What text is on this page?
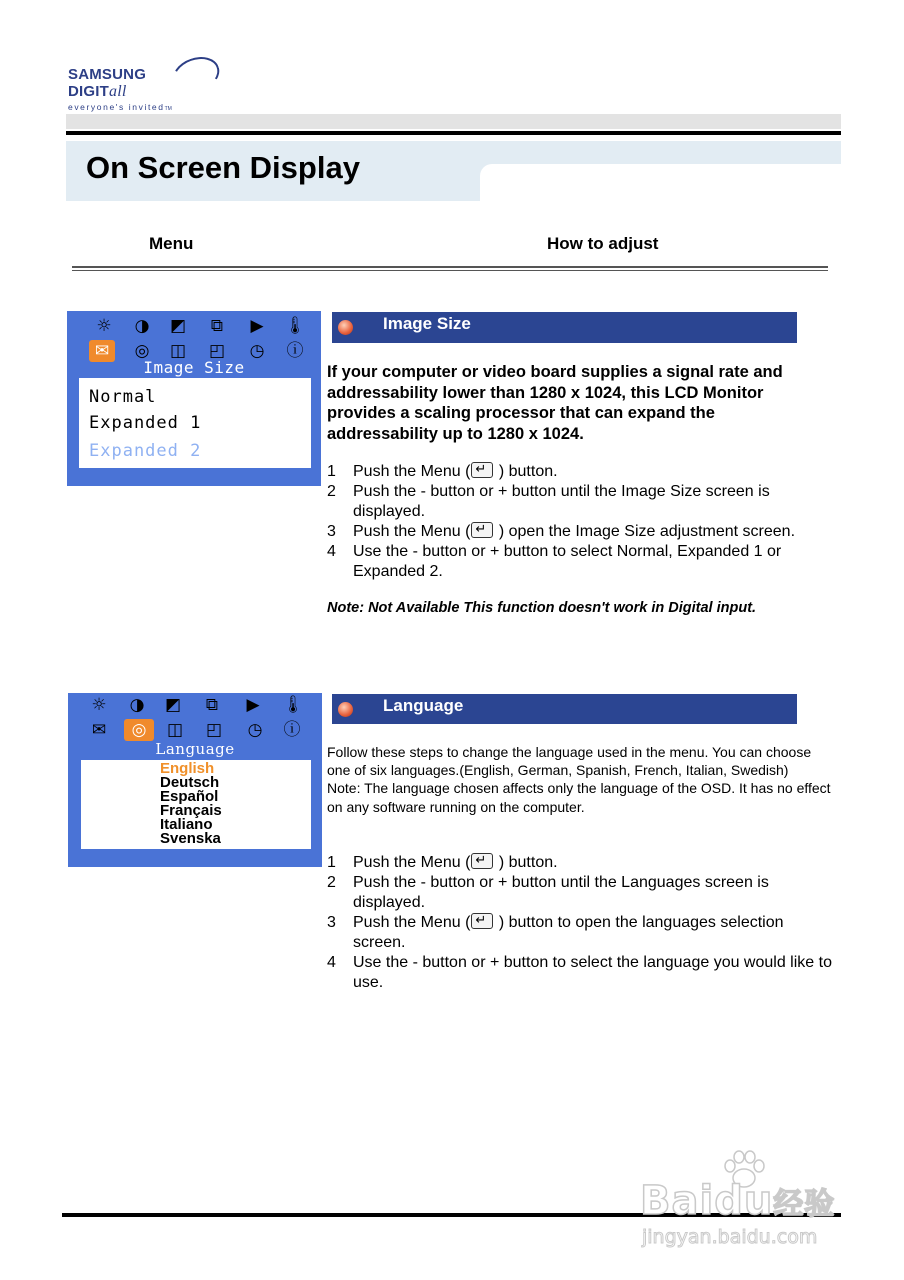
SAMSUNG DIGITall
everyone's invitedTM
On Screen Display
Menu	How to adjust
☼	◑	◩	⧉	▶	🌡
✉	◎	◫ ◰	◷	ⓘ
Image Size
Normal
Expanded 1
Expanded 2
Image Size
If your computer or video board supplies a signal rate and addressability lower than 1280 x 1024, this LCD Monitor provides a scaling processor that can expand the addressability up to 1280 x 1024.
1 Push the Menu ( ↵ ) button.
2 Push the - button or + button until the Image Size screen is displayed.
3 Push the Menu ( ↵ ) open the Image Size adjustment screen.
4 Use the - button or + button to select Normal, Expanded 1 or Expanded 2.
Note: Not Available This function doesn't work in Digital input.
☼	◑	◩	⧉	▶	🌡
✉	◎	◫ ◰	◷	ⓘ
Language
English
Deutsch
Español
Français
Italiano
Svenska
Language
Follow these steps to change the language used in the menu. You can choose one of six languages.(English, German, Spanish, French, Italian, Swedish)
Note: The language chosen affects only the language of the OSD. It has no effect on any software running on the computer.
1 Push the Menu ( ↵ ) button.
2 Push the - button or + button until the Languages screen is displayed.
3 Push the Menu ( ↵ ) button to open the languages selection screen.
4 Use the - button or + button to select the language you would like to use.
Baidu经验
jingyan.baidu.com
